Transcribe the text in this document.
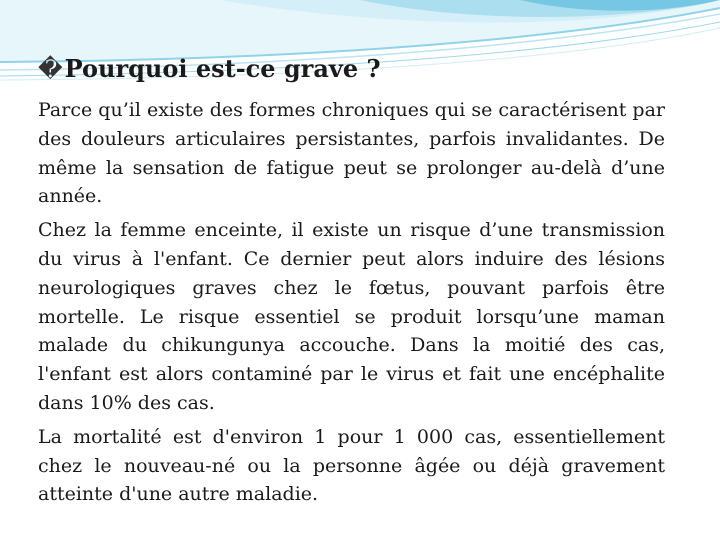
�Pourquoi est-ce grave ?

Parce qu’il existe des formes chroniques qui se caractérisent par des douleurs articulaires persistantes, parfois invalidantes. De même la sensation de fatigue peut se prolonger au-delà d’une année.

Chez la femme enceinte, il existe un risque d’une transmission du virus à l'enfant. Ce dernier peut alors induire des lésions neurologiques graves chez le fœtus, pouvant parfois être mortelle. Le risque essentiel se produit lorsqu’une maman malade du chikungunya accouche. Dans la moitié des cas, l'enfant est alors contaminé par le virus et fait une encéphalite dans 10% des cas.

La mortalité est d'environ 1 pour 1 000 cas, essentiellement chez le nouveau-né ou la personne âgée ou déjà gravement atteinte d'une autre maladie.
